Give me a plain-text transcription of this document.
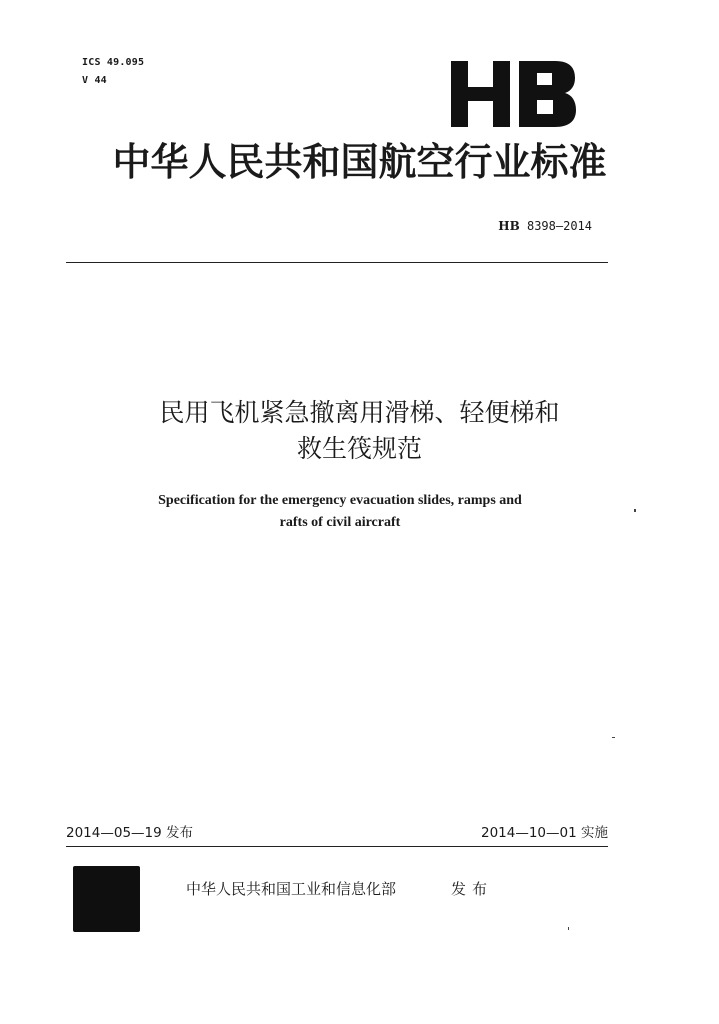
ICS 49.095
V 44
中华人民共和国航空行业标准
HB 8398—2014
民用飞机紧急撤离用滑梯、轻便梯和
救生筏规范
Specification for the emergency evacuation slides, ramps and
rafts of civil aircraft
2014—05—19 发布	2014—10—01 实施
中华人民共和国工业和信息化部	发布
